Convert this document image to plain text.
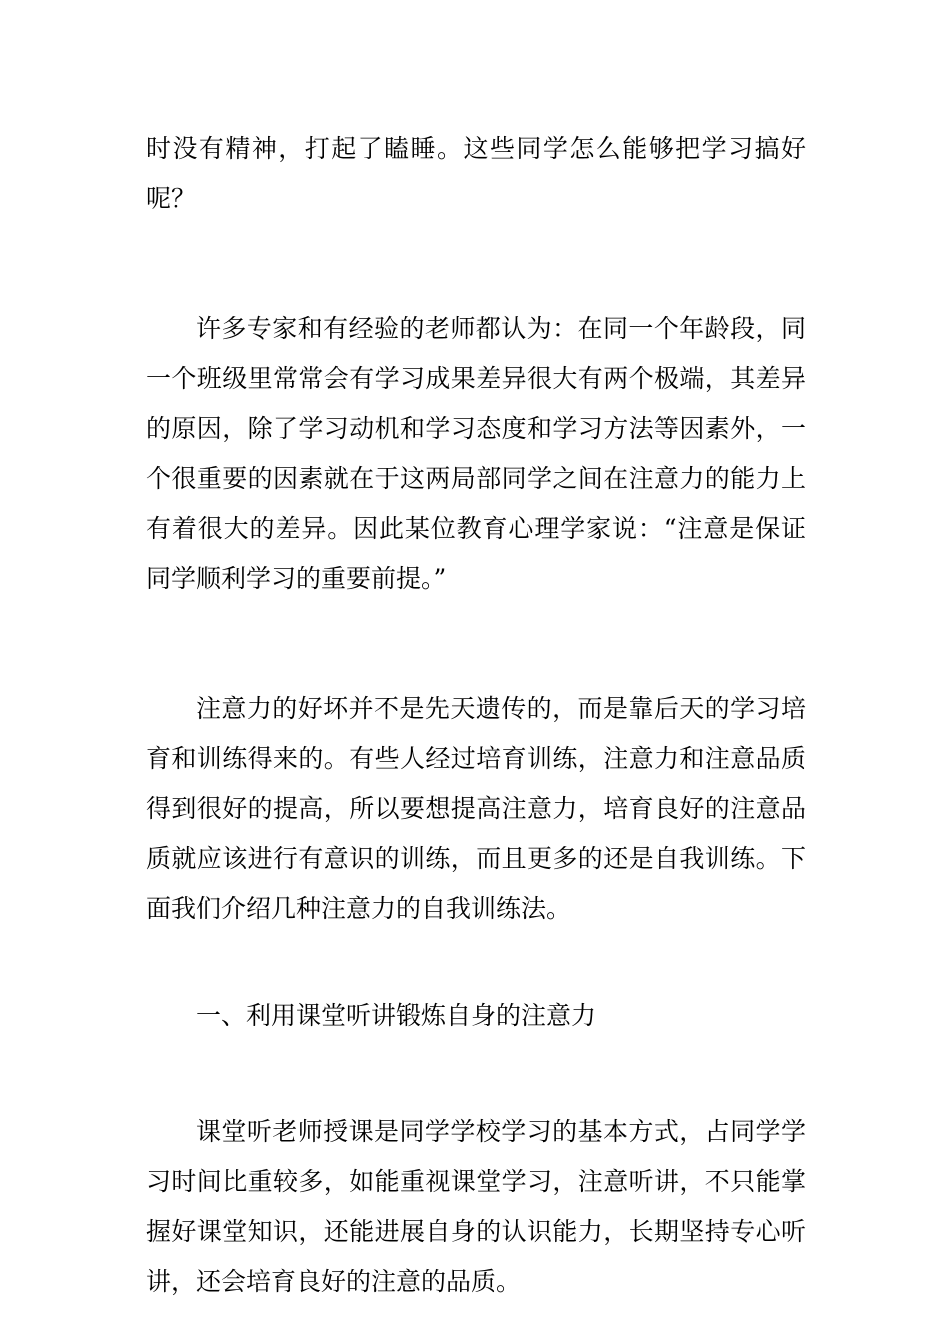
时没有精神，打起了瞌睡。这些同学怎么能够把学习搞好呢？

许多专家和有经验的老师都认为：在同一个年龄段，同一个班级里常常会有学习成果差异很大有两个极端，其差异的原因，除了学习动机和学习态度和学习方法等因素外，一个很重要的因素就在于这两局部同学之间在注意力的能力上有着很大的差异。因此某位教育心理学家说：“注意是保证同学顺利学习的重要前提。”

注意力的好坏并不是先天遗传的，而是靠后天的学习培育和训练得来的。有些人经过培育训练，注意力和注意品质得到很好的提高，所以要想提高注意力，培育良好的注意品质就应该进行有意识的训练，而且更多的还是自我训练。下面我们介绍几种注意力的自我训练法。

一、利用课堂听讲锻炼自身的注意力

课堂听老师授课是同学学校学习的基本方式，占同学学习时间比重较多，如能重视课堂学习，注意听讲，不只能掌握好课堂知识，还能进展自身的认识能力，长期坚持专心听讲，还会培育良好的注意的品质。
